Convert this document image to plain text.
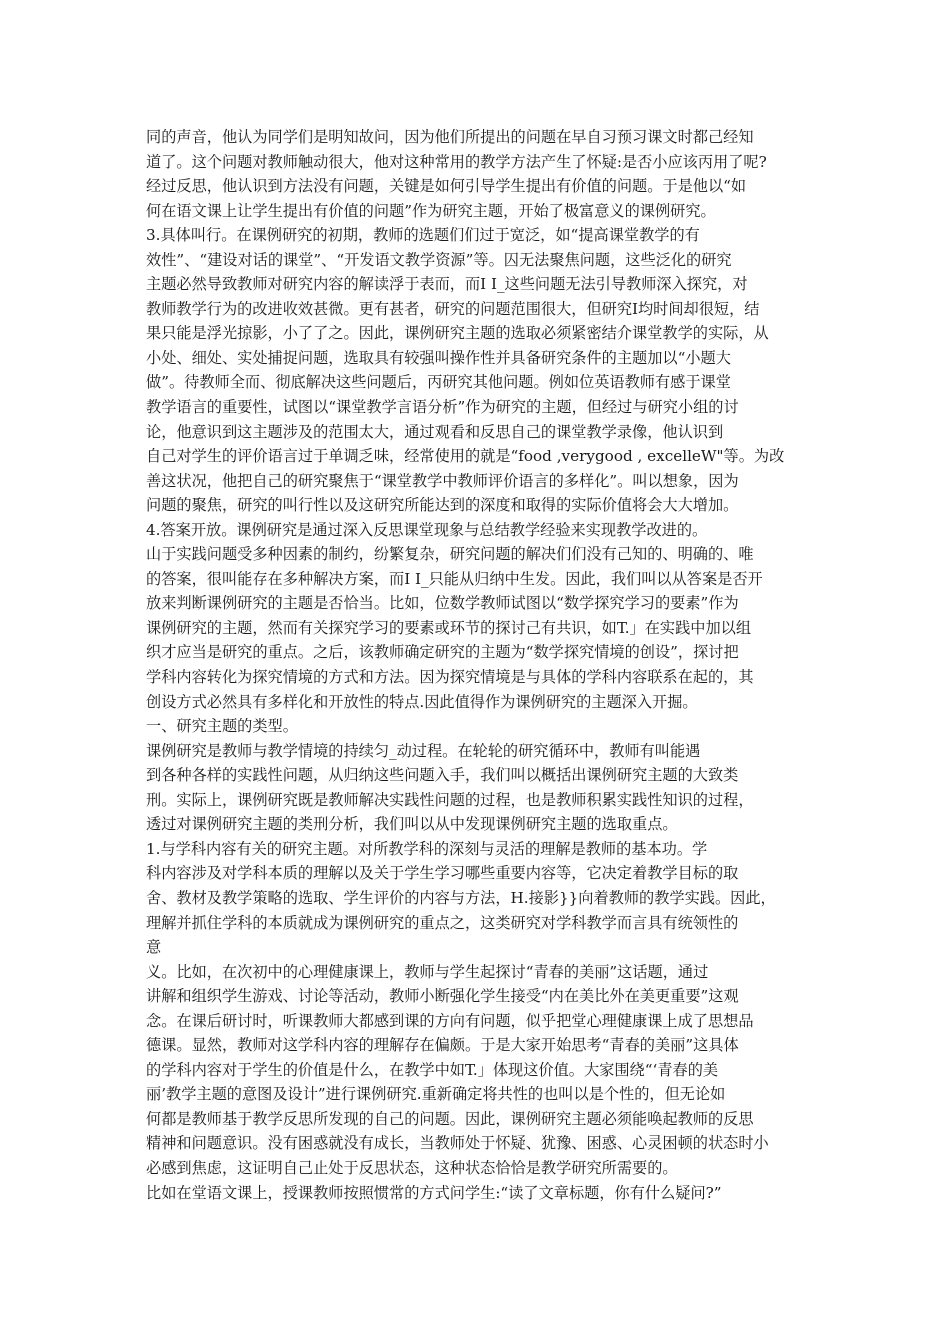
同的声音，他认为同学们是明知故问，因为他们所提出的问题在早自习预习课文时都己经知
道了。这个问题对教师触动很大，他对这种常用的教学方法产生了怀疑:是否小应该丙用了呢?
经过反思，他认识到方法没有问题，关键是如何引导学生提出有价值的问题。于是他以“如
何在语文课上让学生提出有价值的问题”作为研究主题，开始了极富意义的课例研究。
3.具体叫行。在课例研究的初期，教师的选题们们过于宽泛，如“提高课堂教学的有
效性”、“建设对话的课堂”、“开发语文教学资源”等。囚无法聚焦问题，这些泛化的研究
主题必然导致教师对研究内容的解读浮于表而，而I I_这些问题无法引导教师深入探究，对
教师教学行为的改进收效甚微。更有甚者，研究的问题范围很大，但研究I均时间却很短，结
果只能是浮光掠影，小了了之。因此，课例研究主题的选取必须紧密结介课堂教学的实际，从
小处、细处、实处捕捉问题，选取具有较强叫操作性并具备研究条件的主题加以“小题大
做”。待教师全而、彻底解决这些问题后，丙研究其他问题。例如位英语教师有感于课堂
教学语言的重要性，试图以“课堂教学言语分析”作为研究的主题，但经过与研究小组的讨
论，他意识到这主题涉及的范围太大，通过观看和反思自己的课堂教学录像，他认识到
自己对学生的评价语言过于单调乏味，经常使用的就是“food ,verygood , excelleW"等。为改
善这状况，他把自己的研究聚焦于“课堂教学中教师评价语言的多样化”。叫以想象，因为
问题的聚焦，研究的叫行性以及这研究所能达到的深度和取得的实际价值将会大大增加。
4.答案开放。课例研究是通过深入反思课堂现象与总结教学经验来实现教学改进的。
山于实践问题受多种因素的制约，纷繁复杂，研究问题的解决们们没有己知的、明确的、唯
的答案，很叫能存在多种解决方案，而I I_只能从归纳中生发。因此，我们叫以从答案是否开
放来判断课例研究的主题是否恰当。比如，位数学教师试图以“数学探究学习的要素”作为
课例研究的主题，然而有关探究学习的要素或环节的探讨己有共识，如T.」在实践中加以组
织才应当是研究的重点。之后，该教师确定研究的主题为“数学探究情境的创设”，探讨把
学科内容转化为探究情境的方式和方法。因为探究情境是与具体的学科内容联系在起的，其
创设方式必然具有多样化和开放性的特点.因此值得作为课例研究的主题深入开掘。
一、研究主题的类型。
课例研究是教师与教学情境的持续匀_动过程。在轮轮的研究循环中，教师有叫能遇
到各种各样的实践性问题，从归纳这些问题入手，我们叫以概括出课例研究主题的大致类
刑。实际上，课例研究既是教师解决实践性问题的过程，也是教师积累实践性知识的过程，
透过对课例研究主题的类刑分析，我们叫以从中发现课例研究主题的选取重点。
1.与学科内容有关的研究主题。对所教学科的深刻与灵活的理解是教师的基本功。学
科内容涉及对学科本质的理解以及关于学生学习哪些重要内容等，它决定着教学目标的取
舍、教材及教学策略的选取、学生评价的内容与方法，H.接影}}向着教师的教学实践。因此，
理解并抓住学科的本质就成为课例研究的重点之，这类研究对学科教学而言具有统领性的
意
义。比如，在次初中的心理健康课上，教师与学生起探讨“青春的美丽”这话题，通过
讲解和组织学生游戏、讨论等活动，教师小断强化学生接受“内在美比外在美更重要”这观
念。在课后研讨时，听课教师大都感到课的方向有问题，似乎把堂心理健康课上成了思想品
德课。显然，教师对这学科内容的理解存在偏颇。于是大家开始思考“青春的美丽”这具体
的学科内容对于学生的价值是什么，在教学中如T.」体现这价值。大家围绕“‘青春的美
丽’教学主题的意图及设计”进行课例研究.重新确定将共性的也叫以是个性的，但无论如
何都是教师基于教学反思所发现的自己的问题。因此，课例研究主题必须能唤起教师的反思
精神和问题意识。没有困惑就没有成长，当教师处于怀疑、犹豫、困惑、心灵困顿的状态时小
必感到焦虑，这证明自己止处于反思状态，这种状态恰恰是教学研究所需要的。
比如在堂语文课上，授课教师按照惯常的方式问学生:“读了文章标题，你有什么疑问?”
